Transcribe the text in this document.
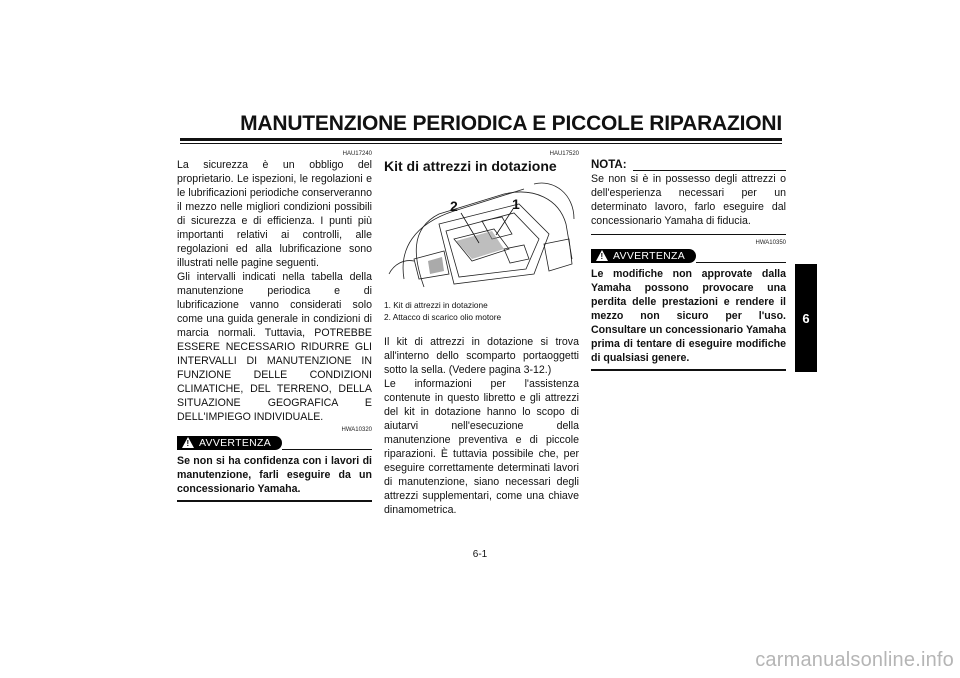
MANUTENZIONE PERIODICA E PICCOLE RIPARAZIONI
HAU17240

La sicurezza è un obbligo del proprietario. Le ispezioni, le regolazioni e le lubrificazioni periodiche conserveranno il mezzo nelle migliori condizioni possibili di sicurezza e di efficienza. I punti più importanti relativi ai controlli, alle regolazioni ed alla lubrificazione sono illustrati nelle pagine seguenti.

Gli intervalli indicati nella tabella della manutenzione periodica e di lubrificazione vanno considerati solo come una guida generale in condizioni di marcia normali. Tuttavia, POTREBBE ESSERE NECESSARIO RIDURRE GLI INTERVALLI DI MANUTENZIONE IN FUNZIONE DELLE CONDIZIONI CLIMATICHE, DEL TERRENO, DELLA SITUAZIONE GEOGRAFICA E DELL'IMPIEGO INDIVIDUALE.

HWA10320
! AVVERTENZA

Se non si ha confidenza con i lavori di manutenzione, farli eseguire da un concessionario Yamaha.

HAU17520
Kit di attrezzi in dotazione
2	1

1. Kit di attrezzi in dotazione

2. Attacco di scarico olio motore

Il kit di attrezzi in dotazione si trova all'interno dello scomparto portaoggetti sotto la sella. (Vedere pagina 3-12.)

Le informazioni per l'assistenza contenute in questo libretto e gli attrezzi del kit in dotazione hanno lo scopo di aiutarvi nell'esecuzione della manutenzione preventiva e di piccole riparazioni. È tuttavia possibile che, per eseguire correttamente determinati lavori di manutenzione, siano necessari degli attrezzi supplementari, come una chiave dinamometrica.

NOTA:

Se non si è in possesso degli attrezzi o dell'esperienza necessari per un determinato lavoro, farlo eseguire dal concessionario Yamaha di fiducia.

HWA10350
! AVVERTENZA

Le modifiche non approvate dalla Yamaha possono provocare una perdita delle prestazioni e rendere il mezzo non sicuro per l'uso. Consultare un concessionario Yamaha prima di tentare di eseguire modifiche di qualsiasi genere.

6
6-1
carmanualsonline.info
